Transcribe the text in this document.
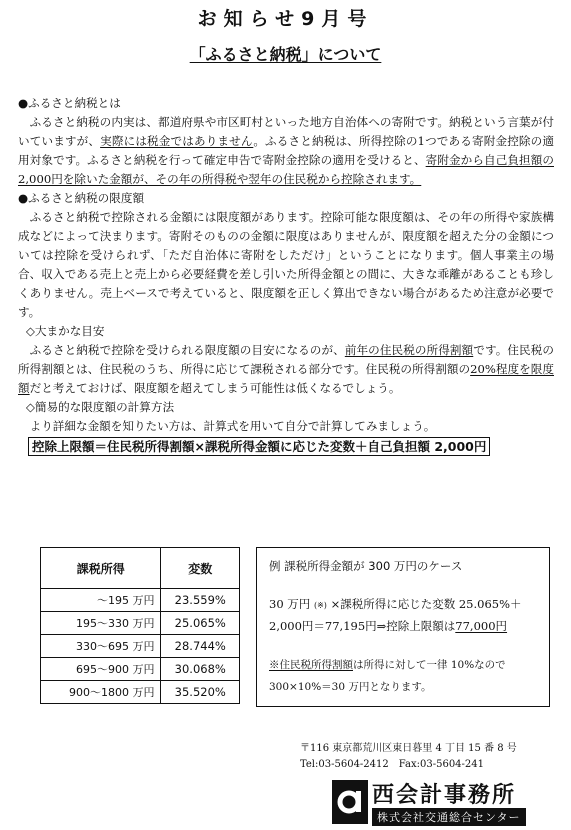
お知らせ9月号
「ふるさと納税」について

●ふるさと納税とは

ふるさと納税の内実は、都道府県や市区町村といった地方自治体への寄附です。納税という言葉が付いていますが、実際には税金ではありません。ふるさと納税は、所得控除の1つである寄附金控除の適用対象です。ふるさと納税を行って確定申告で寄附金控除の適用を受けると、寄附金から自己負担額の2,000円を除いた金額が、その年の所得税や翌年の住民税から控除されます。

●ふるさと納税の限度額

ふるさと納税で控除される金額には限度額があります。控除可能な限度額は、その年の所得や家族構成などによって決まります。寄附そのものの金額に限度はありませんが、限度額を超えた分の金額については控除を受けられず、「ただ自治体に寄附をしただけ」ということになります。個人事業主の場合、収入である売上と売上から必要経費を差し引いた所得金額との間に、大きな乖離があることも珍しくありません。売上ベースで考えていると、限度額を正しく算出できない場合があるため注意が必要です。

◇大まかな目安

ふるさと納税で控除を受けられる限度額の目安になるのが、前年の住民税の所得割額です。住民税の所得割額とは、住民税のうち、所得に応じて課税される部分です。住民税の所得割額の20%程度を限度額だと考えておけば、限度額を超えてしまう可能性は低くなるでしょう。

◇簡易的な限度額の計算方法

より詳細な金額を知りたい方は、計算式を用いて自分で計算してみましょう。

控除上限額＝住民税所得割額×課税所得金額に応じた変数＋自己負担額 2,000円
課税所得	変数
～195 万円	23.559%
195～330 万円	25.065%
330～695 万円	28.744%
695～900 万円	30.068%
900～1800 万円	35.520%
例 課税所得金額が 300 万円のケース
30 万円 (※) ×課税所得に応じた変数 25.065%＋2,000円＝77,195円⇒控除上限額は77,000円
※住民税所得割額は所得に対して一律 10%なので
300×10%＝30 万円となります。
〒116 東京都荒川区東日暮里 4 丁目 15 番 8 号
Tel:03-5604-2412　Fax:03-5604-241
西会計事務所
株式会社交通総合センター
